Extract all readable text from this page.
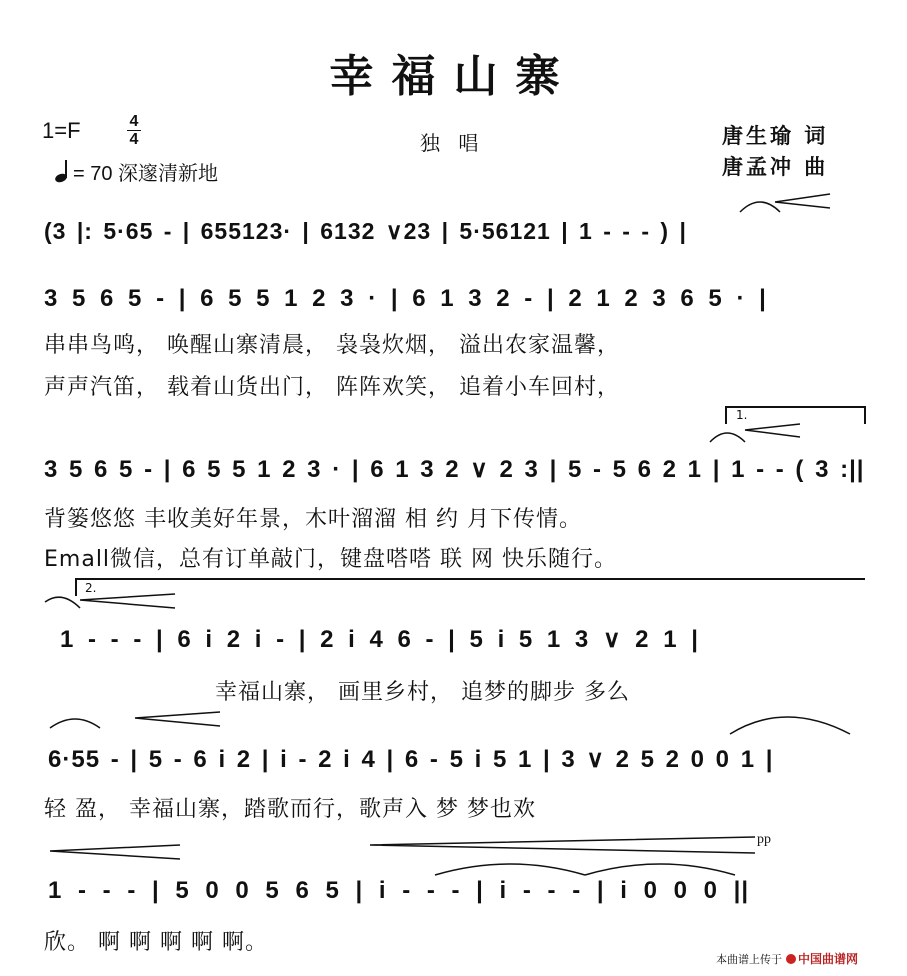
幸福山寨
1=F	4
4
= 70 深邃清新地
独 唱	唐生瑜 词
唐孟冲 曲
(3 |: 5·65 - | 655123· | 6132 ∨23 | 5·56121 | 1 - - - ) |
3 5 6 5 - | 6 5 5 1 2 3 · | 6 1 3 2 - | 2 1 2 3 6 5 · |
串串鸟鸣， 唤醒山寨清晨， 袅袅炊烟， 溢出农家温馨，
声声汽笛， 载着山货出门， 阵阵欢笑， 追着小车回村，
1.
3 5 6 5 - | 6 5 5 1 2 3 · | 6 1 3 2 ∨ 2 3 | 5 - 5 6 2 1 | 1 - - ( 3 :||
背篓悠悠 丰收美好年景，木叶溜溜 相 约 月下传情。
Emall微信，总有订单敲门，键盘嗒嗒 联 网 快乐随行。
2.
1 - - - | 6 i 2 i - | 2 i 4 6 - | 5 i 5 1 3 ∨ 2 1 |
幸福山寨， 画里乡村， 追梦的脚步 多么
6·55 - | 5 - 6 i 2 | i - 2 i 4 | 6 - 5 i 5 1 | 3 ∨ 2 5 2 0 0 1 |
轻 盈， 幸福山寨，踏歌而行，歌声入 梦 梦也欢
pp
1 - - - | 5 0 0 5 6 5 | i - - - | i - - - | i 0 0 0 ||
欣。 啊 啊 啊 啊 啊。
本曲谱上传于 中国曲谱网
